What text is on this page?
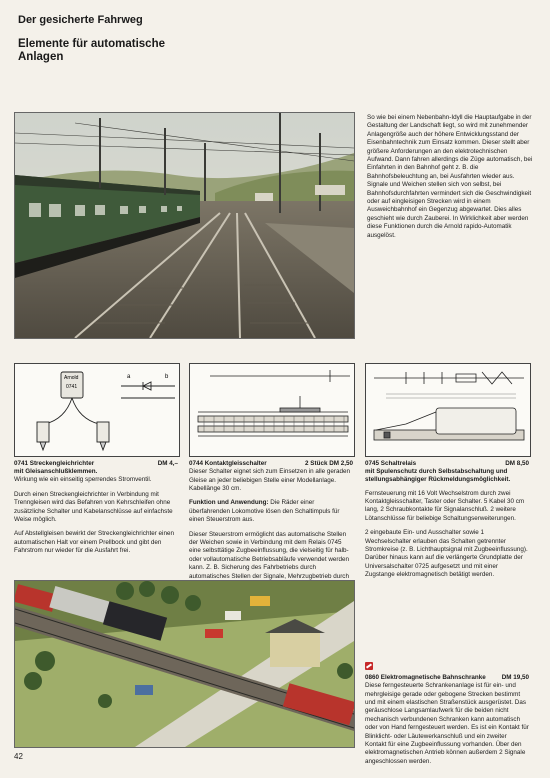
Der gesicherte Fahrweg
Elemente für automatische
Anlagen

So wie bei einem Nebenbahn-Idyll die Hauptaufgabe in der Gestaltung der Landschaft liegt, so wird mit zunehmender Anlagengröße auch der höhere Entwicklungsstand der Eisenbahntechnik zum Einsatz kommen. Dieser stellt aber größere Anforderungen an den elektrotechnischen Aufwand. Dann fahren allerdings die Züge automatisch, bei Einfahrten in den Bahnhof geht z. B. die Bahnhofsbeleuchtung an, bei Ausfahrten wieder aus. Signale und Weichen stellen sich von selbst, bei Bahnhofsdurchfahrten vermindert sich die Geschwindigkeit oder auf eingleisigen Strecken wird in einem Ausweichbahnhof ein Gegenzug abgewartet. Dies alles geschieht wie durch Zauberei. In Wirklichkeit aber werden diese Funktionen durch die Arnold rapido-Automatik ausgelöst.

Arnold
0741
a	b
0741 Streckengleichrichter	DM 4,–
mit Gleisanschlußklemmen.

Wirkung wie ein einseitig sperrendes Stromventil.

Durch einen Streckengleichrichter in Verbindung mit Trenngleisen wird das Befahren von Kehrschleifen ohne zusätzliche Schalter und Kabelanschlüsse auf einfachste Weise möglich.

Auf Abstellgleisen bewirkt der Streckengleichrichter einen automatischen Halt vor einem Prellbock und gibt den Fahrstrom nur wieder für die Ausfahrt frei.

0744 Kontaktgleisschalter	2 Stück DM 2,50

Dieser Schalter eignet sich zum Einsetzen in alle geraden Gleise an jeder beliebigen Stelle einer Modellanlage. Kabellänge 30 cm.

Funktion und Anwendung: Die Räder einer überfahrenden Lokomotive lösen den Schaltimpuls für einen Steuerstrom aus.

Dieser Steuerstrom ermöglicht das automatische Stellen der Weichen sowie in Verbindung mit dem Relais 0745 eine selbsttätige Zugbeeinflussung, die vielseitig für halb- oder vollautomatische Betriebsabläufe verwendet werden kann. Z. B. Sicherung des Fahrbetriebs durch automatisches Stellen der Signale, Mehrzugbetrieb durch

0745 Schaltrelais	DM 8,50
mit Spulenschutz durch Selbstabschaltung und stellungsabhängiger Rückmeldungsmöglichkeit.

Fernsteuerung mit 16 Volt Wechselstrom durch zwei Kontaktgleisschalter, Taster oder Schalter. 5 Kabel 30 cm lang, 2 Schraubkontakte für Signalanschluß. 2 weitere Lötanschlüsse für beliebige Schaltungserweiterungen.

2 eingebaute Ein- und Ausschalter sowie 1 Wechselschalter erlauben das Schalten getrennter Stromkreise (z. B. Lichthauptsignal mit Zugbeeinflussung). Darüber hinaus kann auf die verlängerte Grundplatte der Universalschalter 0725 aufgesetzt und mit einer Zugstange elektromagnetisch betätigt werden.

0860 Elektromagnetische Bahnschranke	DM 19,50

Diese ferngesteuerte Schrankenanlage ist für ein- und mehrgleisige gerade oder gebogene Strecken bestimmt und mit einem elastischen Straßenstück ausgerüstet. Das geräuschlose Langsamlaufwerk für die beiden nicht mechanisch verbundenen Schranken kann automatisch oder von Hand ferngesteuert werden. Es ist ein Kontakt für Blinklicht- oder Läutewerkanschluß und ein zweiter Kontakt für eine Zugbeeinflussung vorhanden. Über den elektromagnetischen Antrieb können außerdem 2 Signale angeschlossen werden.

42
